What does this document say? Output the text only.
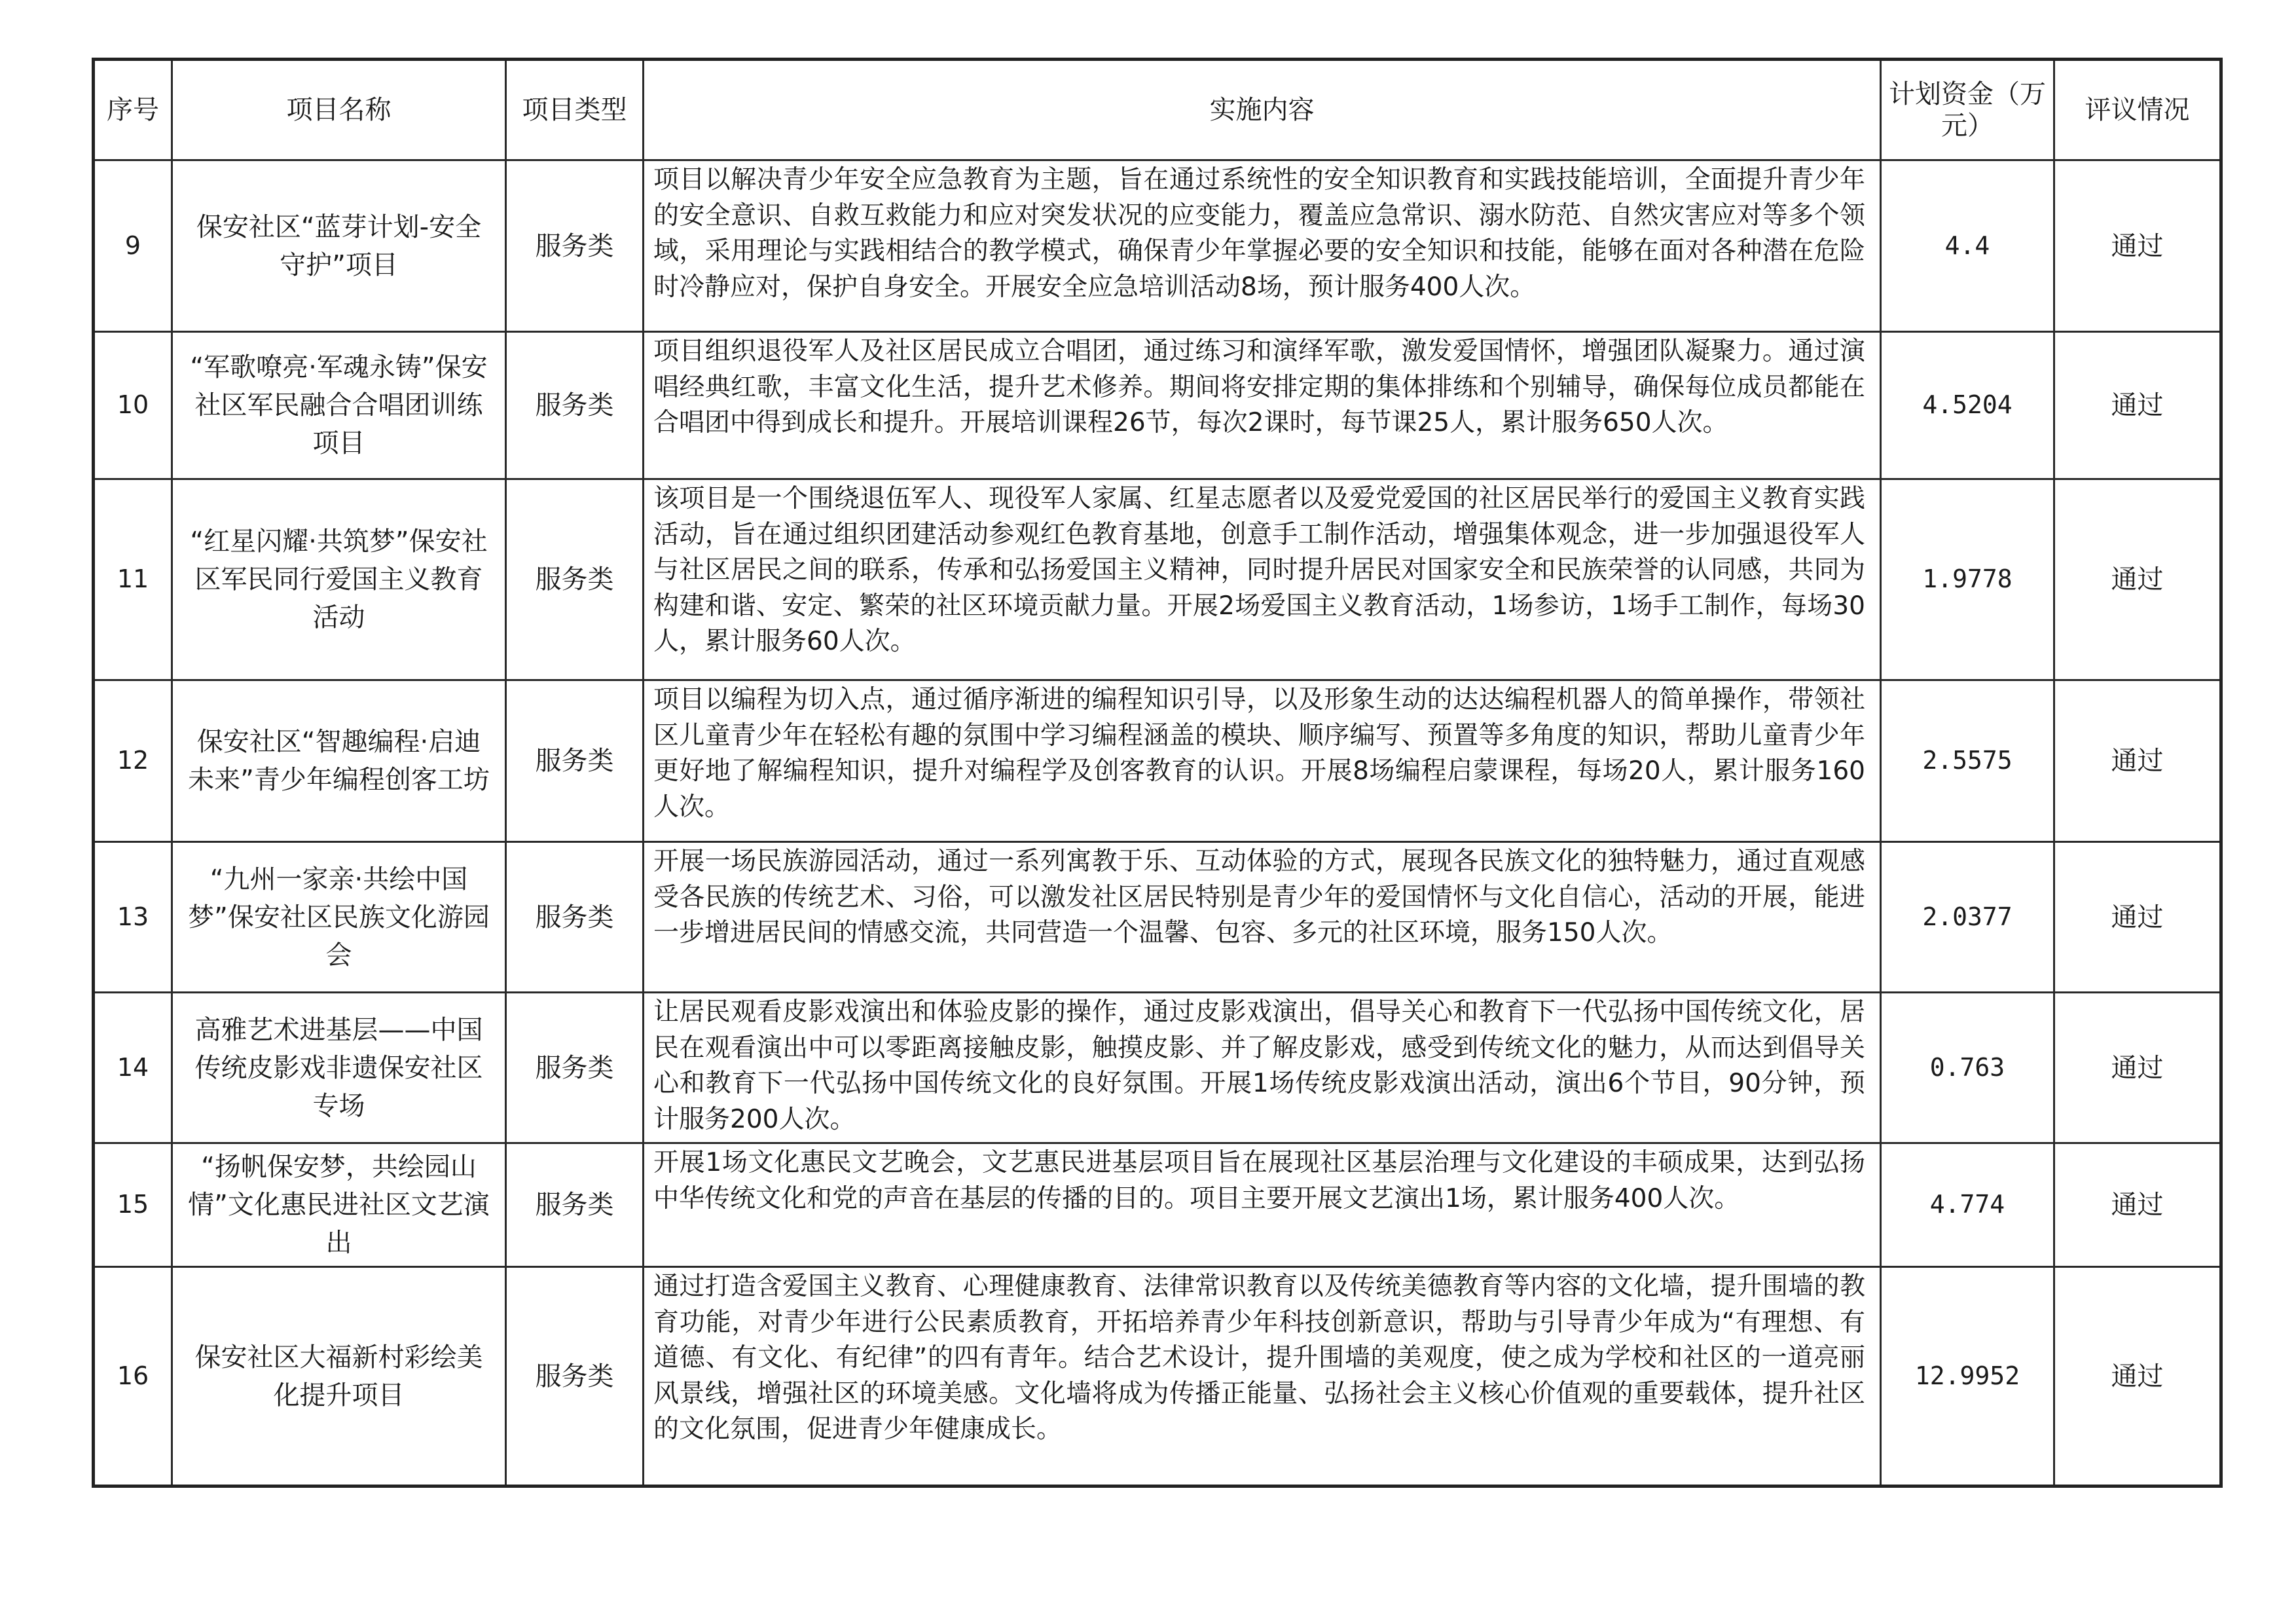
序号	项目名称	项目类型	实施内容	计划资金（万元）	评议情况
9	保安社区“蓝芽计划-安全守护”项目	服务类	项目以解决青少年安全应急教育为主题，旨在通过系统性的安全知识教育和实践技能培训，全面提升青少年的安全意识、自救互救能力和应对突发状况的应变能力，覆盖应急常识、溺水防范、自然灾害应对等多个领域，采用理论与实践相结合的教学模式，确保青少年掌握必要的安全知识和技能，能够在面对各种潜在危险时冷静应对，保护自身安全。开展安全应急培训活动8场，预计服务400人次。	4.4	通过
10	“军歌嘹亮·军魂永铸”保安社区军民融合合唱团训练项目	服务类	项目组织退役军人及社区居民成立合唱团，通过练习和演绎军歌，激发爱国情怀，增强团队凝聚力。通过演唱经典红歌，丰富文化生活，提升艺术修养。期间将安排定期的集体排练和个别辅导，确保每位成员都能在合唱团中得到成长和提升。开展培训课程26节，每次2课时，每节课25人，累计服务650人次。	4.5204	通过
11	“红星闪耀·共筑梦”保安社区军民同行爱国主义教育活动	服务类	该项目是一个围绕退伍军人、现役军人家属、红星志愿者以及爱党爱国的社区居民举行的爱国主义教育实践活动，旨在通过组织团建活动参观红色教育基地，创意手工制作活动，增强集体观念，进一步加强退役军人与社区居民之间的联系，传承和弘扬爱国主义精神，同时提升居民对国家安全和民族荣誉的认同感，共同为构建和谐、安定、繁荣的社区环境贡献力量。开展2场爱国主义教育活动，1场参访，1场手工制作，每场30人，累计服务60人次。	1.9778	通过
12	保安社区“智趣编程·启迪未来”青少年编程创客工坊	服务类	项目以编程为切入点，通过循序渐进的编程知识引导，以及形象生动的达达编程机器人的简单操作，带领社区儿童青少年在轻松有趣的氛围中学习编程涵盖的模块、顺序编写、预置等多角度的知识，帮助儿童青少年更好地了解编程知识，提升对编程学及创客教育的认识。开展8场编程启蒙课程，每场20人，累计服务160人次。	2.5575	通过
13	“九州一家亲·共绘中国梦”保安社区民族文化游园会	服务类	开展一场民族游园活动，通过一系列寓教于乐、互动体验的方式，展现各民族文化的独特魅力，通过直观感受各民族的传统艺术、习俗，可以激发社区居民特别是青少年的爱国情怀与文化自信心，活动的开展，能进一步增进居民间的情感交流，共同营造一个温馨、包容、多元的社区环境，服务150人次。	2.0377	通过
14	高雅艺术进基层——中国传统皮影戏非遗保安社区专场	服务类	让居民观看皮影戏演出和体验皮影的操作，通过皮影戏演出，倡导关心和教育下一代弘扬中国传统文化，居民在观看演出中可以零距离接触皮影，触摸皮影、并了解皮影戏，感受到传统文化的魅力，从而达到倡导关心和教育下一代弘扬中国传统文化的良好氛围。开展1场传统皮影戏演出活动，演出6个节目，90分钟，预计服务200人次。	0.763	通过
15	“扬帆保安梦，共绘园山情”文化惠民进社区文艺演出	服务类	开展1场文化惠民文艺晚会，文艺惠民进基层项目旨在展现社区基层治理与文化建设的丰硕成果，达到弘扬中华传统文化和党的声音在基层的传播的目的。项目主要开展文艺演出1场，累计服务400人次。	4.774	通过
16	保安社区大福新村彩绘美化提升项目	服务类	通过打造含爱国主义教育、心理健康教育、法律常识教育以及传统美德教育等内容的文化墙，提升围墙的教育功能，对青少年进行公民素质教育，开拓培养青少年科技创新意识，帮助与引导青少年成为“有理想、有道德、有文化、有纪律”的四有青年。结合艺术设计，提升围墙的美观度，使之成为学校和社区的一道亮丽风景线，增强社区的环境美感。文化墙将成为传播正能量、弘扬社会主义核心价值观的重要载体，提升社区的文化氛围，促进青少年健康成长。	12.9952	通过
